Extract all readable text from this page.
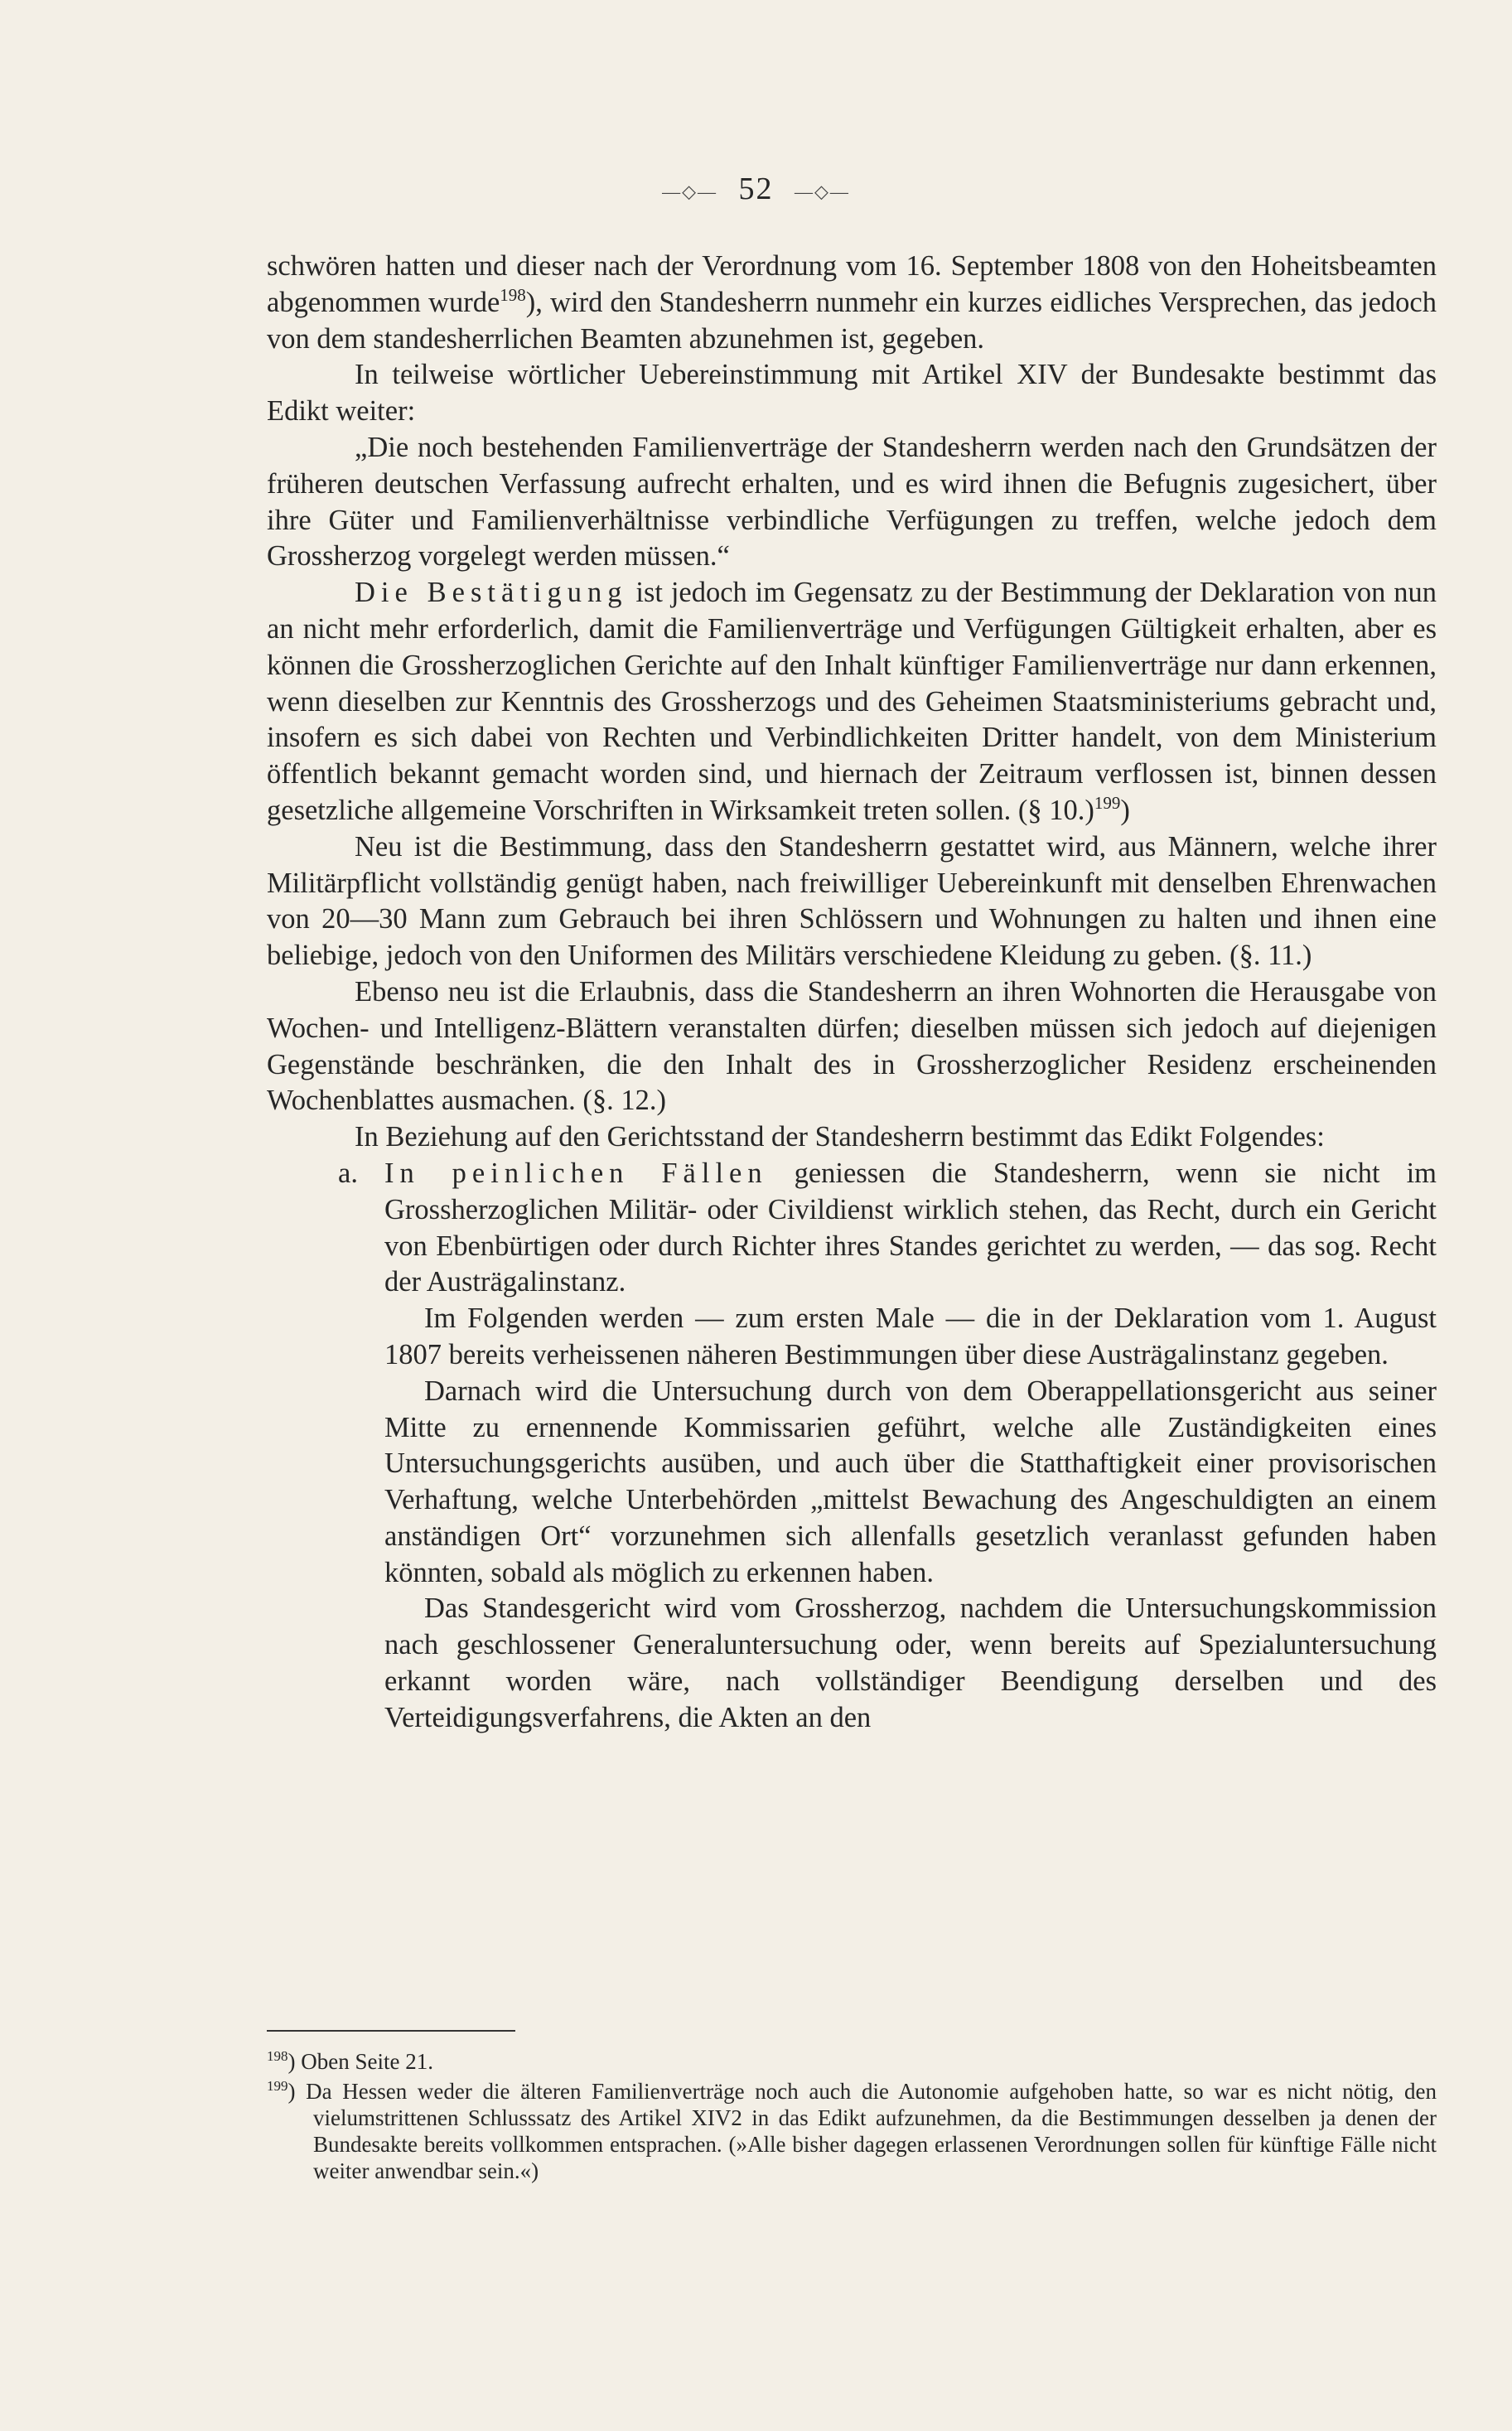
—◇— 52 —◇—

schwören hatten und dieser nach der Verordnung vom 16. September 1808 von den Hoheitsbeamten abgenommen wurde$^{198}$), wird den Standesherrn nunmehr ein kurzes eidliches Versprechen, das jedoch von dem standesherrlichen Beamten abzunehmen ist, gegeben.

In teilweise wörtlicher Uebereinstimmung mit Artikel XIV der Bundesakte bestimmt das Edikt weiter:

„Die noch bestehenden Familienverträge der Standesherrn werden nach den Grundsätzen der früheren deutschen Verfassung aufrecht erhalten, und es wird ihnen die Befugnis zugesichert, über ihre Güter und Familienverhältnisse verbindliche Verfügungen zu treffen, welche jedoch dem Grossherzog vorgelegt werden müssen.“

Die Bestätigung ist jedoch im Gegensatz zu der Bestimmung der Deklaration von nun an nicht mehr erforderlich, damit die Familienverträge und Verfügungen Gültigkeit erhalten, aber es können die Grossherzoglichen Gerichte auf den Inhalt künftiger Familienverträge nur dann erkennen, wenn dieselben zur Kenntnis des Grossherzogs und des Geheimen Staatsministeriums gebracht und, insofern es sich dabei von Rechten und Verbindlichkeiten Dritter handelt, von dem Ministerium öffentlich bekannt gemacht worden sind, und hiernach der Zeitraum verflossen ist, binnen dessen gesetzliche allgemeine Vorschriften in Wirksamkeit treten sollen. (§ 10.)$^{199}$)

Neu ist die Bestimmung, dass den Standesherrn gestattet wird, aus Männern, welche ihrer Militärpflicht vollständig genügt haben, nach freiwilliger Uebereinkunft mit denselben Ehrenwachen von 20—30 Mann zum Gebrauch bei ihren Schlössern und Wohnungen zu halten und ihnen eine beliebige, jedoch von den Uniformen des Militärs verschiedene Kleidung zu geben. (§. 11.)

Ebenso neu ist die Erlaubnis, dass die Standesherrn an ihren Wohnorten die Herausgabe von Wochen- und Intelligenz-Blättern veranstalten dürfen; dieselben müssen sich jedoch auf diejenigen Gegenstände beschränken, die den Inhalt des in Grossherzoglicher Residenz erscheinenden Wochenblattes ausmachen. (§. 12.)

In Beziehung auf den Gerichtsstand der Standesherrn bestimmt das Edikt Folgendes:

a. In peinlichen Fällen geniessen die Standesherrn, wenn sie nicht im Grossherzoglichen Militär- oder Civildienst wirklich stehen, das Recht, durch ein Gericht von Ebenbürtigen oder durch Richter ihres Standes gerichtet zu werden, — das sog. Recht der Austrägalinstanz.

Im Folgenden werden — zum ersten Male — die in der Deklaration vom 1. August 1807 bereits verheissenen näheren Bestimmungen über diese Austrägalinstanz gegeben.

Darnach wird die Untersuchung durch von dem Oberappellationsgericht aus seiner Mitte zu ernennende Kommissarien geführt, welche alle Zuständigkeiten eines Untersuchungsgerichts ausüben, und auch über die Statthaftigkeit einer provisorischen Verhaftung, welche Unterbehörden „mittelst Bewachung des Angeschuldigten an einem anständigen Ort“ vorzunehmen sich allenfalls gesetzlich veranlasst gefunden haben könnten, sobald als möglich zu erkennen haben.

Das Standesgericht wird vom Grossherzog, nachdem die Untersuchungskommission nach geschlossener Generaluntersuchung oder, wenn bereits auf Spezialuntersuchung erkannt worden wäre, nach vollständiger Beendigung derselben und des Verteidigungsverfahrens, die Akten an den

$^{198}$) Oben Seite 21.

$^{199}$) Da Hessen weder die älteren Familienverträge noch auch die Autonomie aufgehoben hatte, so war es nicht nötig, den vielumstrittenen Schlusssatz des Artikel XIV2 in das Edikt aufzunehmen, da die Bestimmungen desselben ja denen der Bundesakte bereits vollkommen entsprachen. (»Alle bisher dagegen erlassenen Verordnungen sollen für künftige Fälle nicht weiter anwendbar sein.«)
